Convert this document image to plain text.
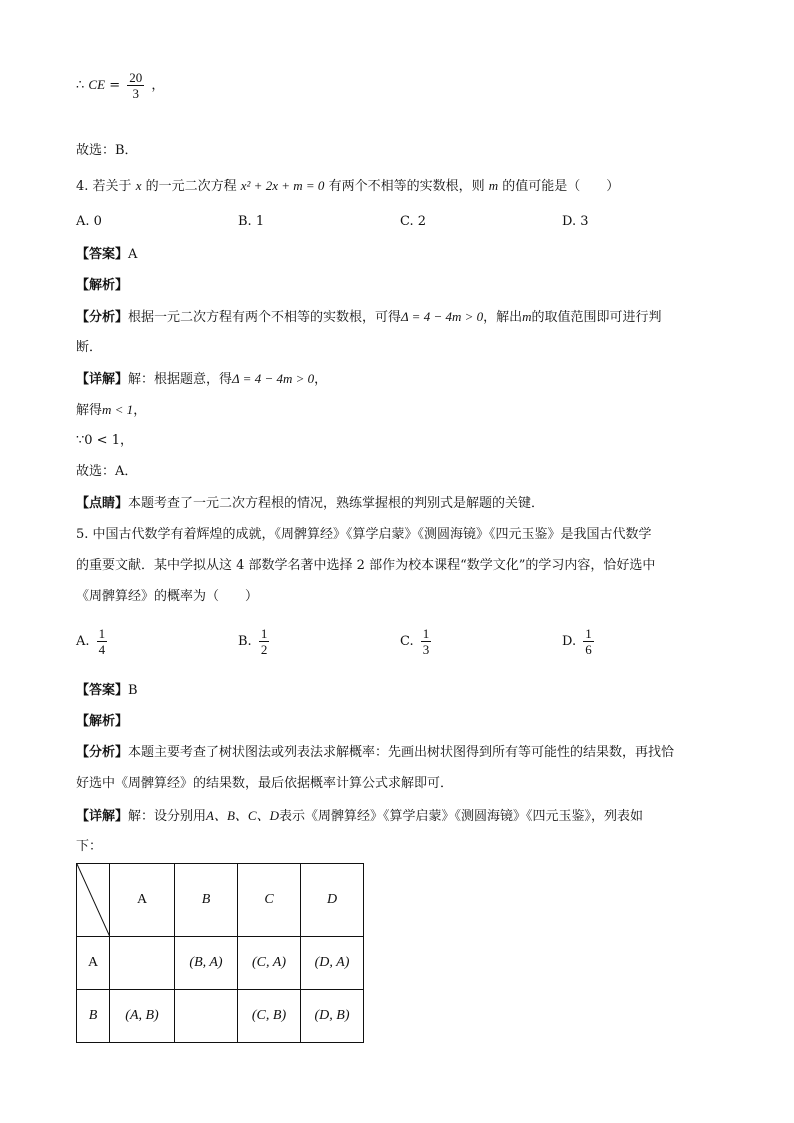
∴ CE = $\frac{20}{3}$ ，
故选：B．
4. 若关于 x 的一元二次方程 x² + 2x + m = 0 有两个不相等的实数根，则 m 的值可能是（　　）
A. 0	B. 1	C. 2	D. 3
【答案】A
【解析】
【分析】根据一元二次方程有两个不相等的实数根，可得Δ = 4 − 4m > 0，解出m的取值范围即可进行判
断．
【详解】解：根据题意，得Δ = 4 − 4m > 0，
解得m < 1，
∵0 < 1，
故选：A．
【点睛】本题考查了一元二次方程根的情况，熟练掌握根的判别式是解题的关键．
5. 中国古代数学有着辉煌的成就，《周髀算经》《算学启蒙》《测圆海镜》《四元玉鉴》是我国古代数学
的重要文献．某中学拟从这 4 部数学名著中选择 2 部作为校本课程“数学文化”的学习内容，恰好选中
《周髀算经》的概率为（　　）
A. $\frac{1}{4}$	B. $\frac{1}{2}$	C. $\frac{1}{3}$	D. $\frac{1}{6}$
【答案】B
【解析】
【分析】本题主要考查了树状图法或列表法求解概率：先画出树状图得到所有等可能性的结果数，再找恰
好选中《周髀算经》的结果数，最后依据概率计算公式求解即可．
【详解】解：设分别用A、B、C、D表示《周髀算经》《算学启蒙》《测圆海镜》《四元玉鉴》，列表如
下：
	A	B	C	D
A		(B, A)	(C, A)	(D, A)
B	(A, B)		(C, B)	(D, B)
